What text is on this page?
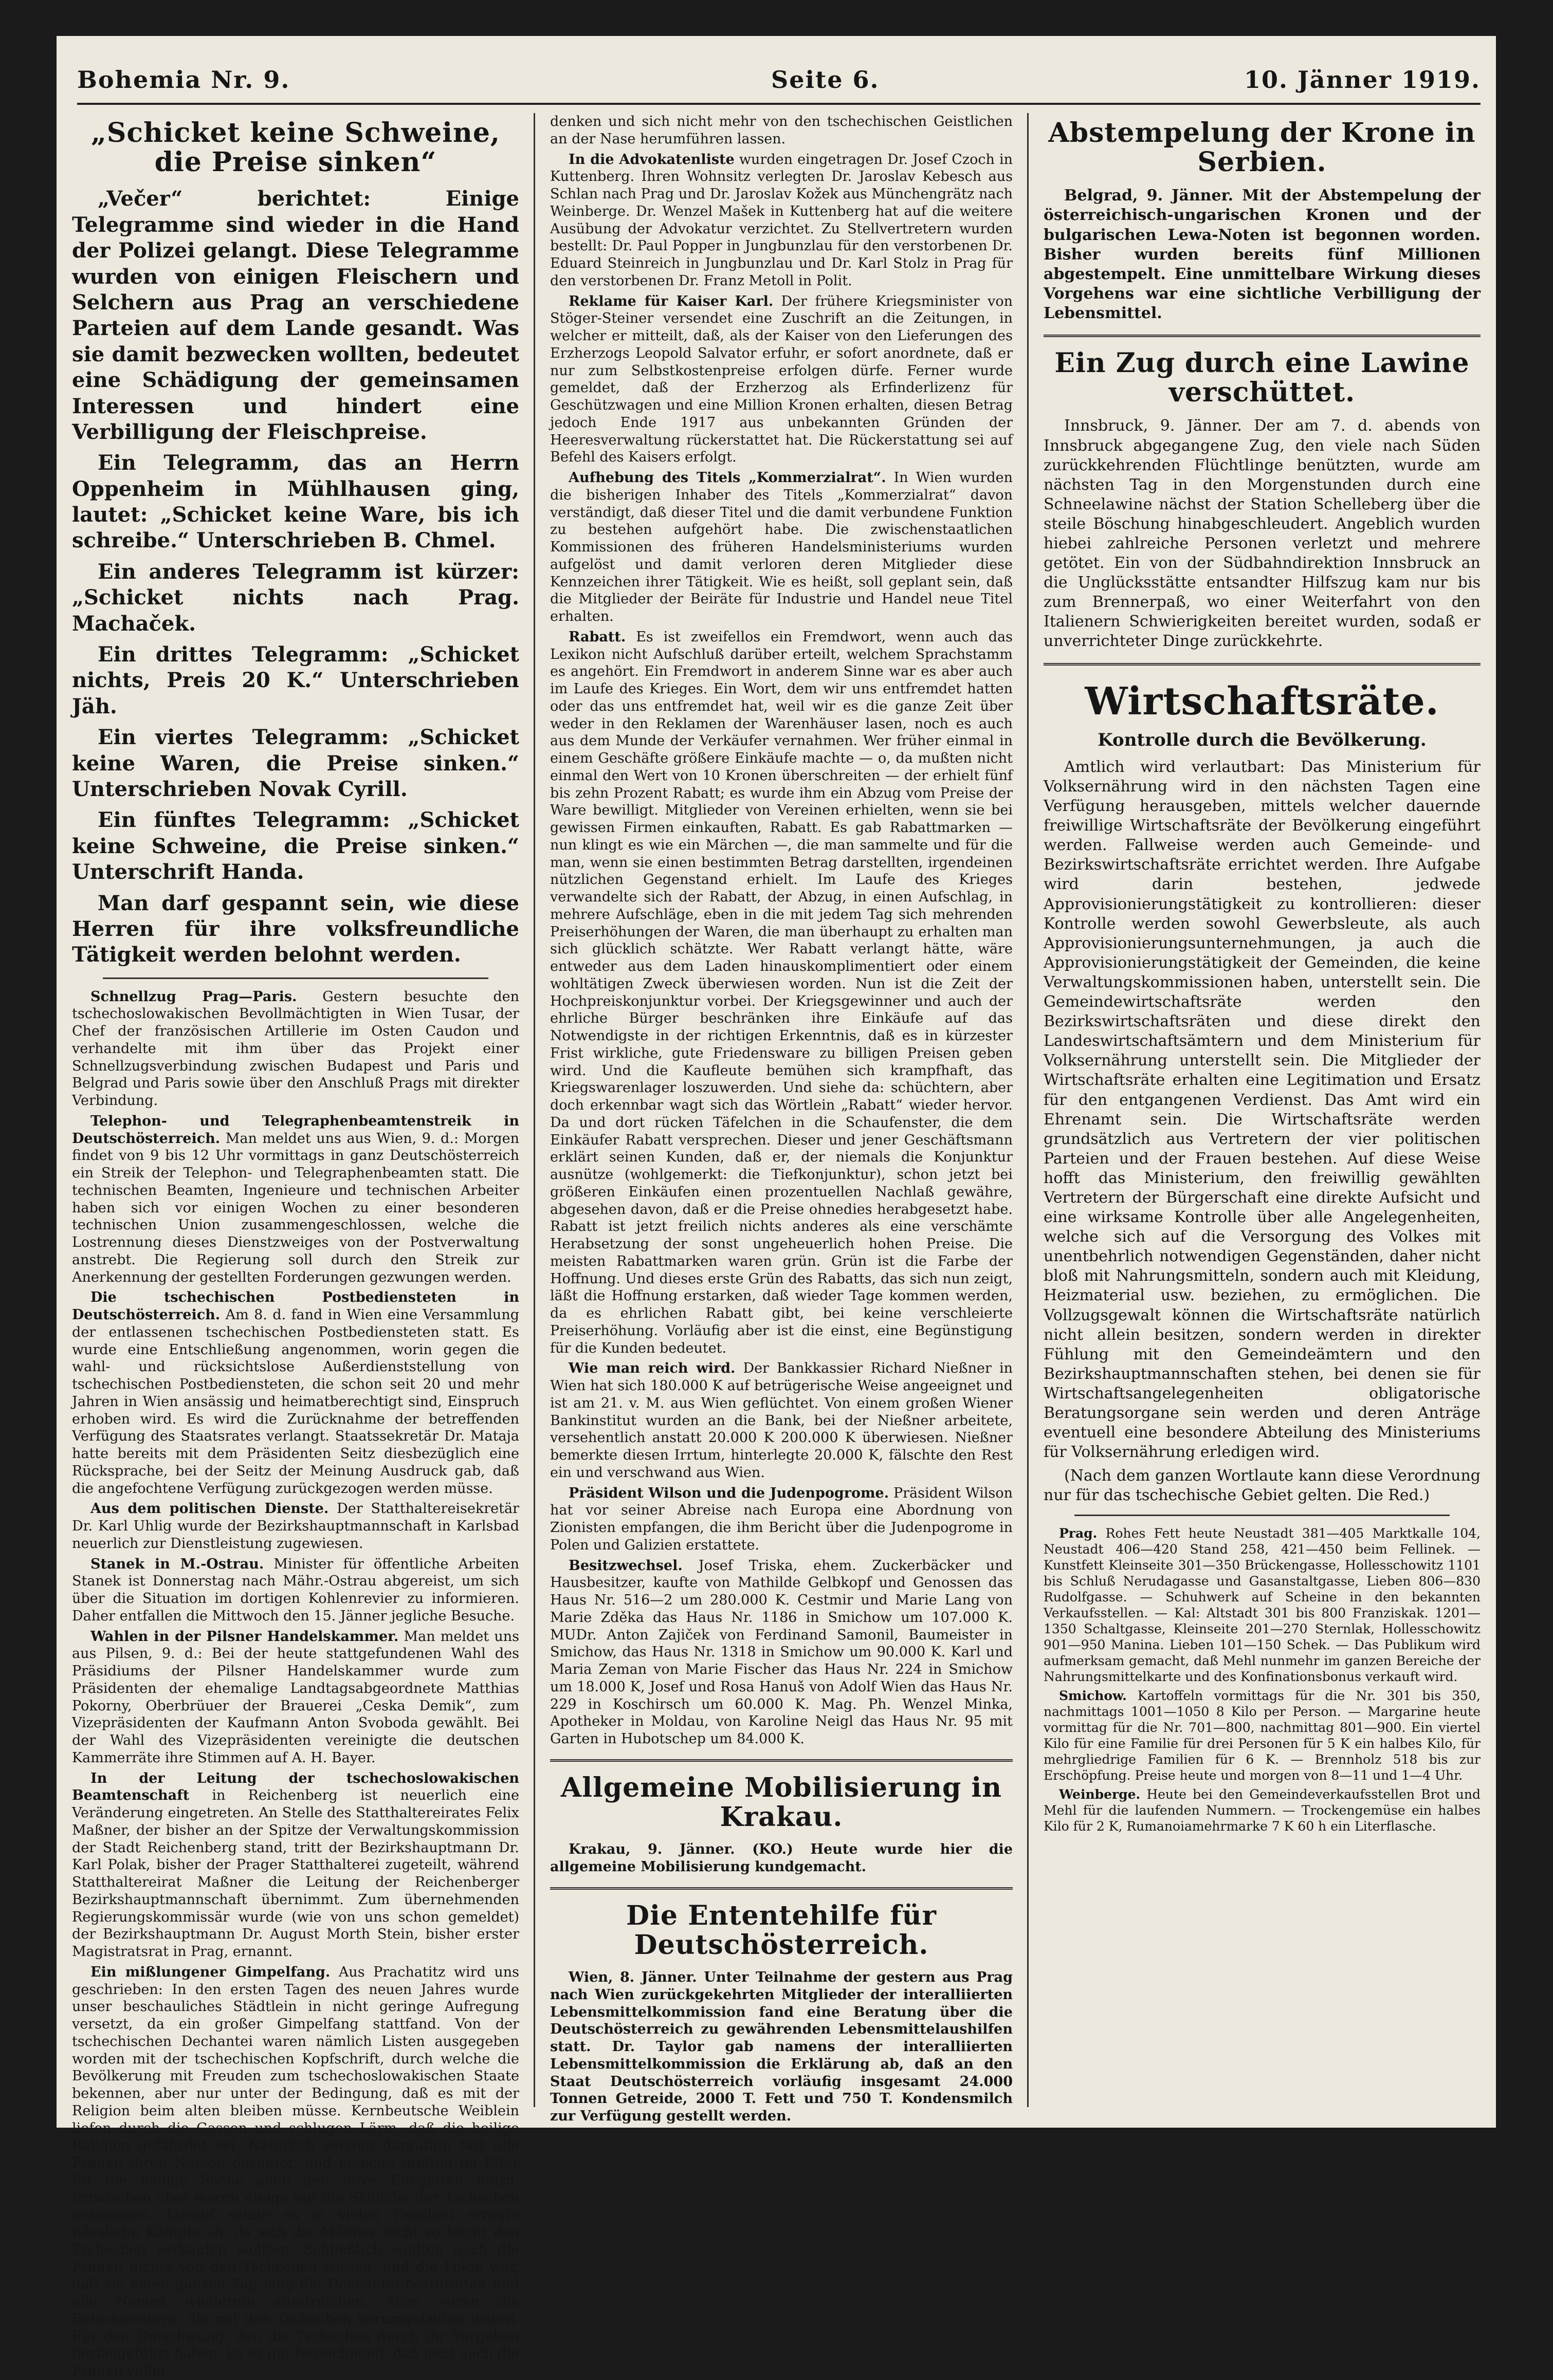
Bohemia Nr. 9.	Seite 6.	10. Jänner 1919.
„Schicket keine Schweine, die Preise sinken“

„Večer“ berichtet: Einige Telegramme sind wieder in die Hand der Polizei gelangt. Diese Telegramme wurden von einigen Fleischern und Selchern aus Prag an verschiedene Parteien auf dem Lande gesandt. Was sie damit bezwecken wollten, bedeutet eine Schädigung der gemeinsamen Interessen und hindert eine Verbilligung der Fleischpreise.

Ein Telegramm, das an Herrn Oppenheim in Mühlhausen ging, lautet: „Schicket keine Ware, bis ich schreibe.“ Unterschrieben B. Chmel.

Ein anderes Telegramm ist kürzer: „Schicket nichts nach Prag. Machaček.

Ein drittes Telegramm: „Schicket nichts, Preis 20 K.“ Unterschrieben Jäh.

Ein viertes Telegramm: „Schicket keine Waren, die Preise sinken.“ Unterschrieben Novak Cyrill.

Ein fünftes Telegramm: „Schicket keine Schweine, die Preise sinken.“ Unterschrift Handa.

Man darf gespannt sein, wie diese Herren für ihre volksfreundliche Tätigkeit werden belohnt werden.

Schnellzug Prag—Paris. Gestern besuchte den tschechoslowakischen Bevollmächtigten in Wien Tusar, der Chef der französischen Artillerie im Osten Caudon und verhandelte mit ihm über das Projekt einer Schnellzugsverbindung zwischen Budapest und Paris und Belgrad und Paris sowie über den Anschluß Prags mit direkter Verbindung.

Telephon- und Telegraphenbeamtenstreik in Deutschösterreich. Man meldet uns aus Wien, 9. d.: Morgen findet von 9 bis 12 Uhr vormittags in ganz Deutschösterreich ein Streik der Telephon- und Telegraphenbeamten statt. Die technischen Beamten, Ingenieure und technischen Arbeiter haben sich vor einigen Wochen zu einer besonderen technischen Union zusammengeschlossen, welche die Lostrennung dieses Dienstzweiges von der Postverwaltung anstrebt. Die Regierung soll durch den Streik zur Anerkennung der gestellten Forderungen gezwungen werden.

Die tschechischen Postbediensteten in Deutschösterreich. Am 8. d. fand in Wien eine Versammlung der entlassenen tschechischen Postbediensteten statt. Es wurde eine Entschließung angenommen, worin gegen die wahl- und rücksichtslose Außerdienststellung von tschechischen Postbediensteten, die schon seit 20 und mehr Jahren in Wien ansässig und heimatberechtigt sind, Einspruch erhoben wird. Es wird die Zurücknahme der betreffenden Verfügung des Staatsrates verlangt. Staatssekretär Dr. Mataja hatte bereits mit dem Präsidenten Seitz diesbezüglich eine Rücksprache, bei der Seitz der Meinung Ausdruck gab, daß die angefochtene Verfügung zurückgezogen werden müsse.

Aus dem politischen Dienste. Der Statthaltereisekretär Dr. Karl Uhlig wurde der Bezirkshauptmannschaft in Karlsbad neuerlich zur Dienstleistung zugewiesen.

Stanek in M.-Ostrau. Minister für öffentliche Arbeiten Stanek ist Donnerstag nach Mähr.-Ostrau abgereist, um sich über die Situation im dortigen Kohlenrevier zu informieren. Daher entfallen die Mittwoch den 15. Jänner jegliche Besuche.

Wahlen in der Pilsner Handelskammer. Man meldet uns aus Pilsen, 9. d.: Bei der heute stattgefundenen Wahl des Präsidiums der Pilsner Handelskammer wurde zum Präsidenten der ehemalige Landtagsabgeordnete Matthias Pokorny, Oberbrüuer der Brauerei „Ceska Demik“, zum Vizepräsidenten der Kaufmann Anton Svoboda gewählt. Bei der Wahl des Vizepräsidenten vereinigte die deutschen Kammerräte ihre Stimmen auf A. H. Bayer.

In der Leitung der tschechoslowakischen Beamtenschaft in Reichenberg ist neuerlich eine Veränderung eingetreten. An Stelle des Statthaltereirates Felix Maßner, der bisher an der Spitze der Verwaltungskommission der Stadt Reichenberg stand, tritt der Bezirkshauptmann Dr. Karl Polak, bisher der Prager Statthalterei zugeteilt, während Statthaltereirat Maßner die Leitung der Reichenberger Bezirkshauptmannschaft übernimmt. Zum übernehmenden Regierungskommissär wurde (wie von uns schon gemeldet) der Bezirkshauptmann Dr. August Morth Stein, bisher erster Magistratsrat in Prag, ernannt.

Ein mißlungener Gimpelfang. Aus Prachatitz wird uns geschrieben: In den ersten Tagen des neuen Jahres wurde unser beschauliches Städtlein in nicht geringe Aufregung versetzt, da ein großer Gimpelfang stattfand. Von der tschechischen Dechantei waren nämlich Listen ausgegeben worden mit der tschechischen Kopfschrift, durch welche die Bevölkerung mit Freuden zum tschechoslowakischen Staate bekennen, aber nur unter der Bedingung, daß es mit der Religion beim alten bleiben müsse. Kernbeutsche Weiblein liefen durch die Gassen und schlugen Lärm, daß die heilige Religion gefährdet sei. Natürlich setzten daraufhin fast alle Frauen ihren Namen darunter, und manche tüpften im Eifer für die heilige Sache auch den ihres Ehegatten hinzu. Inzwischen aber waren einige auf die Schliche der Tschechen gekommen. Darauf setzte es in vielen Familien erregte häusliche Kämpfe ab, da sich die Männer nicht so leicht den Tschechen verkaufen wollten. Schließlich wollten auch die Frauen nichts von den Tschechen wissen, und die Folge war, daß sie einen ganzen Tag lang die Dechantei bestürmten und alle Namen wiederum ausstreichen, allen voran die Betschwestern, die mit den Tschechen herumgelaufen waren. Für den Umschwung, den die Tschechen durch ihr Vorgehen herbeigeführt haben, ist es gut bezeichnend, daß jetzt auch die Frauen völlig

denken und sich nicht mehr von den tschechischen Geistlichen an der Nase herumführen lassen.

In die Advokatenliste wurden eingetragen Dr. Josef Czoch in Kuttenberg. Ihren Wohnsitz verlegten Dr. Jaroslav Kebesch aus Schlan nach Prag und Dr. Jaroslav Kožek aus Münchengrätz nach Weinberge. Dr. Wenzel Mašek in Kuttenberg hat auf die weitere Ausübung der Advokatur verzichtet. Zu Stellvertretern wurden bestellt: Dr. Paul Popper in Jungbunzlau für den verstorbenen Dr. Eduard Steinreich in Jungbunzlau und Dr. Karl Stolz in Prag für den verstorbenen Dr. Franz Metoll in Polit.

Reklame für Kaiser Karl. Der frühere Kriegsminister von Stöger-Steiner versendet eine Zuschrift an die Zeitungen, in welcher er mitteilt, daß, als der Kaiser von den Lieferungen des Erzherzogs Leopold Salvator erfuhr, er sofort anordnete, daß er nur zum Selbstkostenpreise erfolgen dürfe. Ferner wurde gemeldet, daß der Erzherzog als Erfinderlizenz für Geschützwagen und eine Million Kronen erhalten, diesen Betrag jedoch Ende 1917 aus unbekannten Gründen der Heeresverwaltung rückerstattet hat. Die Rückerstattung sei auf Befehl des Kaisers erfolgt.

Aufhebung des Titels „Kommerzialrat“. In Wien wurden die bisherigen Inhaber des Titels „Kommerzialrat“ davon verständigt, daß dieser Titel und die damit verbundene Funktion zu bestehen aufgehört habe. Die zwischenstaatlichen Kommissionen des früheren Handelsministeriums wurden aufgelöst und damit verloren deren Mitglieder diese Kennzeichen ihrer Tätigkeit. Wie es heißt, soll geplant sein, daß die Mitglieder der Beiräte für Industrie und Handel neue Titel erhalten.

Rabatt. Es ist zweifellos ein Fremdwort, wenn auch das Lexikon nicht Aufschluß darüber erteilt, welchem Sprachstamm es angehört. Ein Fremdwort in anderem Sinne war es aber auch im Laufe des Krieges. Ein Wort, dem wir uns entfremdet hatten oder das uns entfremdet hat, weil wir es die ganze Zeit über weder in den Reklamen der Warenhäuser lasen, noch es auch aus dem Munde der Verkäufer vernahmen. Wer früher einmal in einem Geschäfte größere Einkäufe machte — o, da mußten nicht einmal den Wert von 10 Kronen überschreiten — der erhielt fünf bis zehn Prozent Rabatt; es wurde ihm ein Abzug vom Preise der Ware bewilligt. Mitglieder von Vereinen erhielten, wenn sie bei gewissen Firmen einkauften, Rabatt. Es gab Rabattmarken — nun klingt es wie ein Märchen —, die man sammelte und für die man, wenn sie einen bestimmten Betrag darstellten, irgendeinen nützlichen Gegenstand erhielt. Im Laufe des Krieges verwandelte sich der Rabatt, der Abzug, in einen Aufschlag, in mehrere Aufschläge, eben in die mit jedem Tag sich mehrenden Preiserhöhungen der Waren, die man überhaupt zu erhalten man sich glücklich schätzte. Wer Rabatt verlangt hätte, wäre entweder aus dem Laden hinauskomplimentiert oder einem wohltätigen Zweck überwiesen worden. Nun ist die Zeit der Hochpreiskonjunktur vorbei. Der Kriegsgewinner und auch der ehrliche Bürger beschränken ihre Einkäufe auf das Notwendigste in der richtigen Erkenntnis, daß es in kürzester Frist wirkliche, gute Friedensware zu billigen Preisen geben wird. Und die Kaufleute bemühen sich krampfhaft, das Kriegswarenlager loszuwerden. Und siehe da: schüchtern, aber doch erkennbar wagt sich das Wörtlein „Rabatt“ wieder hervor. Da und dort rücken Täfelchen in die Schaufenster, die dem Einkäufer Rabatt versprechen. Dieser und jener Geschäftsmann erklärt seinen Kunden, daß er, der niemals die Konjunktur ausnütze (wohlgemerkt: die Tiefkonjunktur), schon jetzt bei größeren Einkäufen einen prozentuellen Nachlaß gewähre, abgesehen davon, daß er die Preise ohnedies herabgesetzt habe. Rabatt ist jetzt freilich nichts anderes als eine verschämte Herabsetzung der sonst ungeheuerlich hohen Preise. Die meisten Rabattmarken waren grün. Grün ist die Farbe der Hoffnung. Und dieses erste Grün des Rabatts, das sich nun zeigt, läßt die Hoffnung erstarken, daß wieder Tage kommen werden, da es ehrlichen Rabatt gibt, bei keine verschleierte Preiserhöhung. Vorläufig aber ist die einst, eine Begünstigung für die Kunden bedeutet.

Wie man reich wird. Der Bankkassier Richard Nießner in Wien hat sich 180.000 K auf betrügerische Weise angeeignet und ist am 21. v. M. aus Wien geflüchtet. Von einem großen Wiener Bankinstitut wurden an die Bank, bei der Nießner arbeitete, versehentlich anstatt 20.000 K 200.000 K überwiesen. Nießner bemerkte diesen Irrtum, hinterlegte 20.000 K, fälschte den Rest ein und verschwand aus Wien.

Präsident Wilson und die Judenpogrome. Präsident Wilson hat vor seiner Abreise nach Europa eine Abordnung von Zionisten empfangen, die ihm Bericht über die Judenpogrome in Polen und Galizien erstattete.

Besitzwechsel. Josef Triska, ehem. Zuckerbäcker und Hausbesitzer, kaufte von Mathilde Gelbkopf und Genossen das Haus Nr. 516—2 um 280.000 K. Cestmir und Marie Lang von Marie Zděka das Haus Nr. 1186 in Smichow um 107.000 K. MUDr. Anton Zajiček von Ferdinand Samonil, Baumeister in Smichow, das Haus Nr. 1318 in Smichow um 90.000 K. Karl und Maria Zeman von Marie Fischer das Haus Nr. 224 in Smichow um 18.000 K, Josef und Rosa Hanuš von Adolf Wien das Haus Nr. 229 in Koschirsch um 60.000 K. Mag. Ph. Wenzel Minka, Apotheker in Moldau, von Karoline Neigl das Haus Nr. 95 mit Garten in Hubotschep um 84.000 K.

Allgemeine Mobilisierung in Krakau.

Krakau, 9. Jänner. (KO.) Heute wurde hier die allgemeine Mobilisierung kundgemacht.

Die Ententehilfe für Deutschösterreich.

Wien, 8. Jänner. Unter Teilnahme der gestern aus Prag nach Wien zurückgekehrten Mitglieder der interalliierten Lebensmittelkommission fand eine Beratung über die Deutschösterreich zu gewährenden Lebensmittelaushilfen statt. Dr. Taylor gab namens der interalliierten Lebensmittelkommission die Erklärung ab, daß an den Staat Deutschösterreich vorläufig insgesamt 24.000 Tonnen Getreide, 2000 T. Fett und 750 T. Kondensmilch zur Verfügung gestellt werden.

Abstempelung der Krone in Serbien.

Belgrad, 9. Jänner. Mit der Abstempelung der österreichisch-ungarischen Kronen und der bulgarischen Lewa-Noten ist begonnen worden. Bisher wurden bereits fünf Millionen abgestempelt. Eine unmittelbare Wirkung dieses Vorgehens war eine sichtliche Verbilligung der Lebensmittel.

Ein Zug durch eine Lawine verschüttet.

Innsbruck, 9. Jänner. Der am 7. d. abends von Innsbruck abgegangene Zug, den viele nach Süden zurückkehrenden Flüchtlinge benützten, wurde am nächsten Tag in den Morgenstunden durch eine Schneelawine nächst der Station Schelleberg über die steile Böschung hinabgeschleudert. Angeblich wurden hiebei zahlreiche Personen verletzt und mehrere getötet. Ein von der Südbahndirektion Innsbruck an die Unglücksstätte entsandter Hilfszug kam nur bis zum Brennerpaß, wo einer Weiterfahrt von den Italienern Schwierigkeiten bereitet wurden, sodaß er unverrichteter Dinge zurückkehrte.

Wirtschaftsräte.
Kontrolle durch die Bevölkerung.

Amtlich wird verlautbart: Das Ministerium für Volksernährung wird in den nächsten Tagen eine Verfügung herausgeben, mittels welcher dauernde freiwillige Wirtschaftsräte der Bevölkerung eingeführt werden. Fallweise werden auch Gemeinde- und Bezirkswirtschaftsräte errichtet werden. Ihre Aufgabe wird darin bestehen, jedwede Approvisionierungstätigkeit zu kontrollieren: dieser Kontrolle werden sowohl Gewerbsleute, als auch Approvisionierungsunternehmungen, ja auch die Approvisionierungstätigkeit der Gemeinden, die keine Verwaltungskommissionen haben, unterstellt sein. Die Gemeindewirtschaftsräte werden den Bezirkswirtschaftsräten und diese direkt den Landeswirtschaftsämtern und dem Ministerium für Volksernährung unterstellt sein. Die Mitglieder der Wirtschaftsräte erhalten eine Legitimation und Ersatz für den entgangenen Verdienst. Das Amt wird ein Ehrenamt sein. Die Wirtschaftsräte werden grundsätzlich aus Vertretern der vier politischen Parteien und der Frauen bestehen. Auf diese Weise hofft das Ministerium, den freiwillig gewählten Vertretern der Bürgerschaft eine direkte Aufsicht und eine wirksame Kontrolle über alle Angelegenheiten, welche sich auf die Versorgung des Volkes mit unentbehrlich notwendigen Gegenständen, daher nicht bloß mit Nahrungsmitteln, sondern auch mit Kleidung, Heizmaterial usw. beziehen, zu ermöglichen. Die Vollzugsgewalt können die Wirtschaftsräte natürlich nicht allein besitzen, sondern werden in direkter Fühlung mit den Gemeindeämtern und den Bezirkshauptmannschaften stehen, bei denen sie für Wirtschaftsangelegenheiten obligatorische Beratungsorgane sein werden und deren Anträge eventuell eine besondere Abteilung des Ministeriums für Volksernährung erledigen wird.

(Nach dem ganzen Wortlaute kann diese Verordnung nur für das tschechische Gebiet gelten. Die Red.)

Prag. Rohes Fett heute Neustadt 381—405 Marktkalle 104, Neustadt 406—420 Stand 258, 421—450 beim Fellinek. — Kunstfett Kleinseite 301—350 Brückengasse, Hollesschowitz 1101 bis Schluß Nerudagasse und Gasanstaltgasse, Lieben 806—830 Rudolfgasse. — Schuhwerk auf Scheine in den bekannten Verkaufsstellen. — Kal: Altstadt 301 bis 800 Franziskak. 1201—1350 Schaltgasse, Kleinseite 201—270 Sternlak, Hollesschowitz 901—950 Manina. Lieben 101—150 Schek. — Das Publikum wird aufmerksam gemacht, daß Mehl nunmehr im ganzen Bereiche der Nahrungsmittelkarte und des Konfinationsbonus verkauft wird.

Smichow. Kartoffeln vormittags für die Nr. 301 bis 350, nachmittags 1001—1050 8 Kilo per Person. — Margarine heute vormittag für die Nr. 701—800, nachmittag 801—900. Ein viertel Kilo für eine Familie für drei Personen für 5 K ein halbes Kilo, für mehrgliedrige Familien für 6 K. — Brennholz 518 bis zur Erschöpfung. Preise heute und morgen von 8—11 und 1—4 Uhr.

Weinberge. Heute bei den Gemeindeverkaufsstellen Brot und Mehl für die laufenden Nummern. — Trockengemüse ein halbes Kilo für 2 K, Rumanoiamehrmarke 7 K 60 h ein Literflasche.
